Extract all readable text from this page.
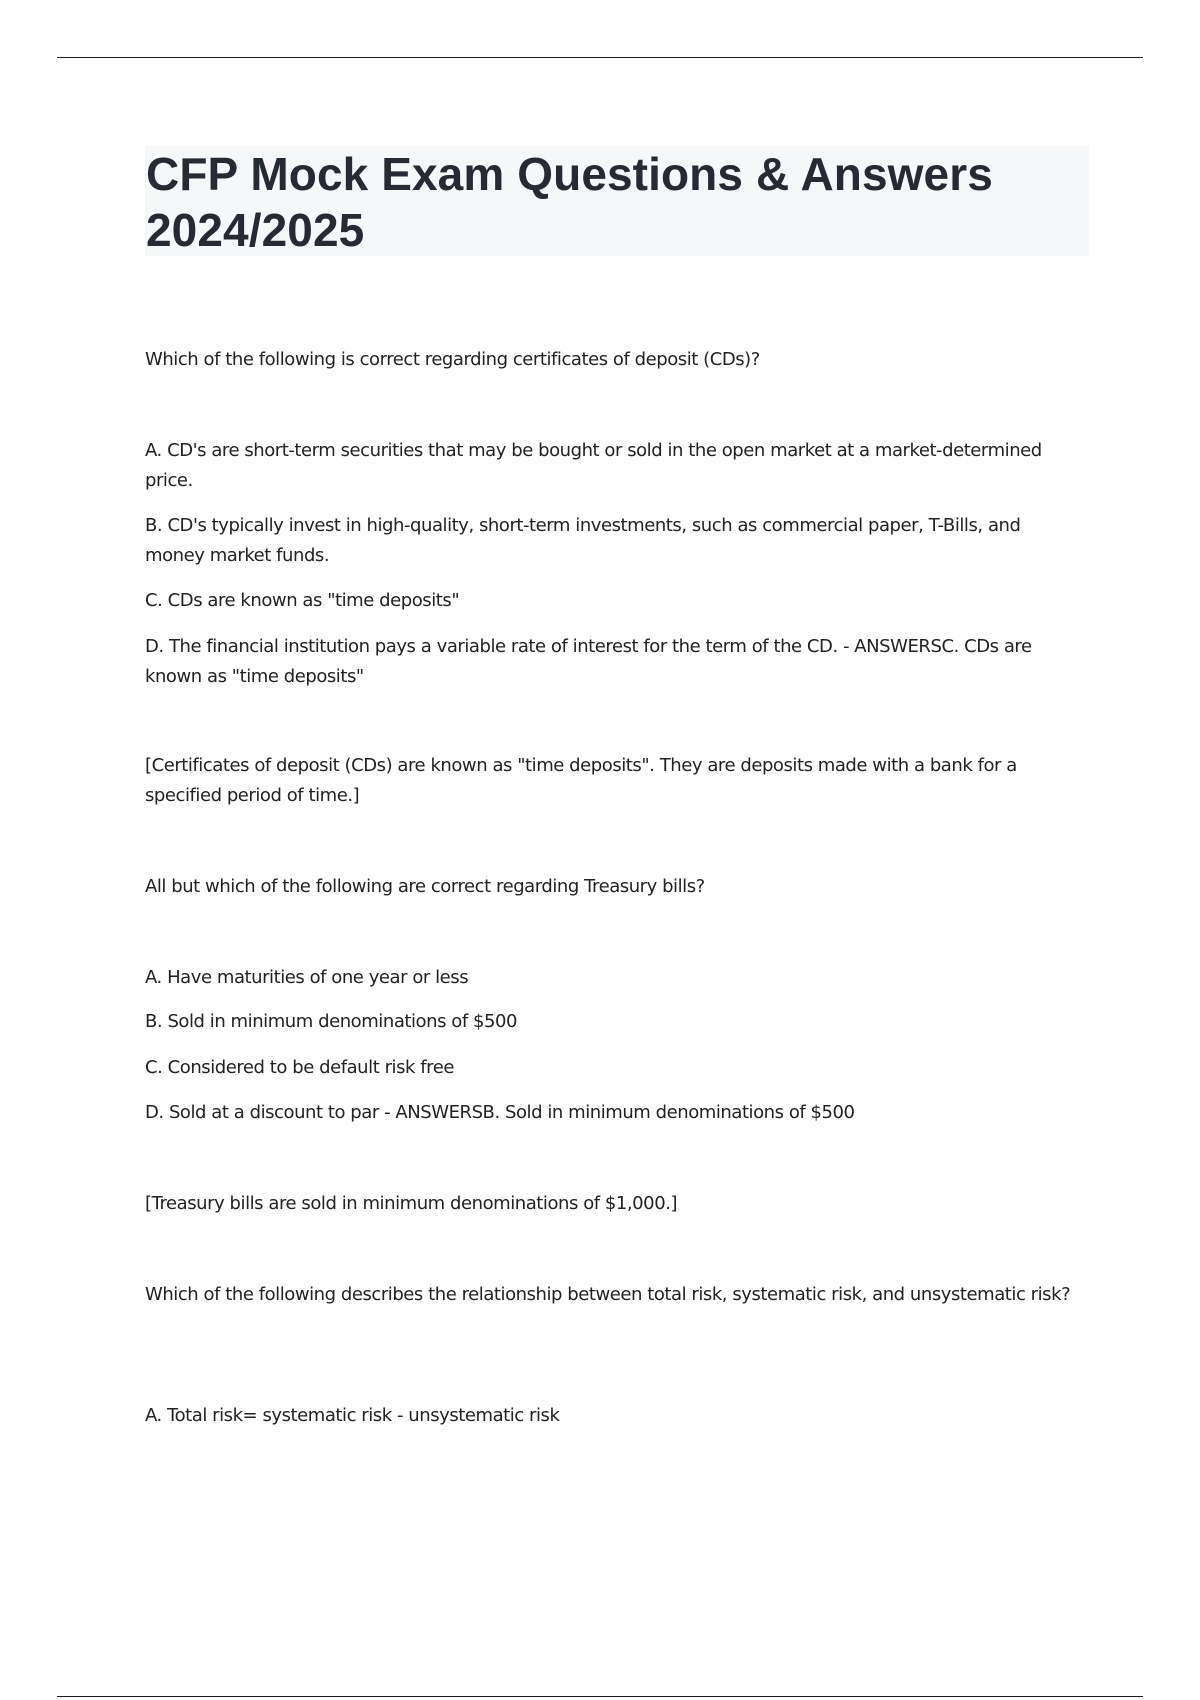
CFP Mock Exam Questions & Answers 2024/2025

Which of the following is correct regarding certificates of deposit (CDs)?

A. CD's are short-term securities that may be bought or sold in the open market at a market-determined price.

B. CD's typically invest in high-quality, short-term investments, such as commercial paper, T-Bills, and money market funds.

C. CDs are known as "time deposits"

D. The financial institution pays a variable rate of interest for the term of the CD. - ANSWERSC. CDs are known as "time deposits"

[Certificates of deposit (CDs) are known as "time deposits". They are deposits made with a bank for a specified period of time.]

All but which of the following are correct regarding Treasury bills?

A. Have maturities of one year or less

B. Sold in minimum denominations of $500

C. Considered to be default risk free

D. Sold at a discount to par - ANSWERSB. Sold in minimum denominations of $500

[Treasury bills are sold in minimum denominations of $1,000.]

Which of the following describes the relationship between total risk, systematic risk, and unsystematic risk?

A. Total risk= systematic risk - unsystematic risk
